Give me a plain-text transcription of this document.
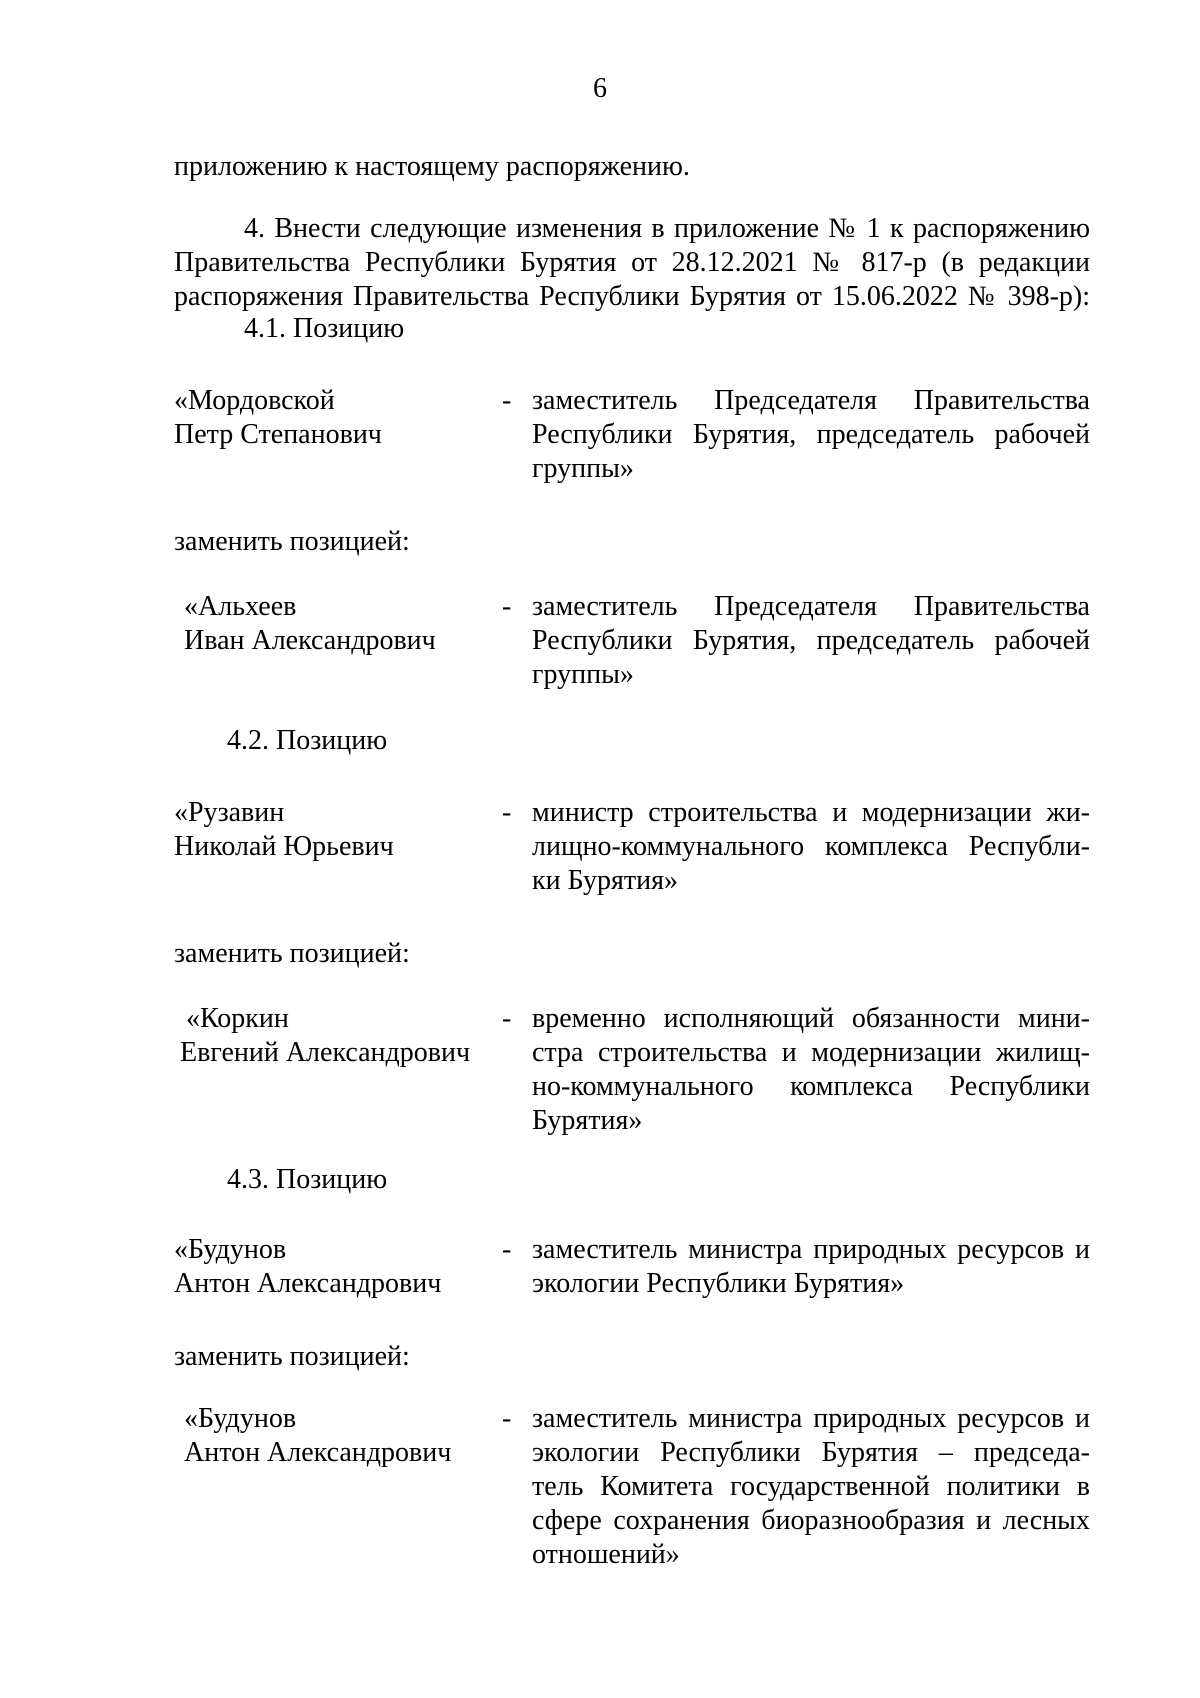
6
приложению к настоящему распоряжению.
4. Внести следующие изменения в приложение № 1 к распоряжению
Правительства Республики Бурятия от 28.12.2021 № 817-р (в редакции
распоряжения Правительства Республики Бурятия от 15.06.2022 № 398-р):
4.1. Позицию
«Мордовской
Петр Степанович
- заместитель Председателя Правительства
Республики Бурятия, председатель рабочей
группы»
заменить позицией:
«Альхеев
Иван Александрович
- заместитель Председателя Правительства
Республики Бурятия, председатель рабочей
группы»
4.2. Позицию
«Рузавин
Николай Юрьевич
- министр строительства и модернизации жи-
лищно-коммунального комплекса Республи-
ки Бурятия»
заменить позицией:
«Коркин
Евгений Александрович
- временно исполняющий обязанности мини-
стра строительства и модернизации жилищ-
но-коммунального комплекса Республики
Бурятия»
4.3. Позицию
«Будунов
Антон Александрович
- заместитель министра природных ресурсов и
экологии Республики Бурятия»
заменить позицией:
«Будунов
Антон Александрович
- заместитель министра природных ресурсов и
экологии Республики Бурятия – председа-
тель Комитета государственной политики в
сфере сохранения биоразнообразия и лесных
отношений»
